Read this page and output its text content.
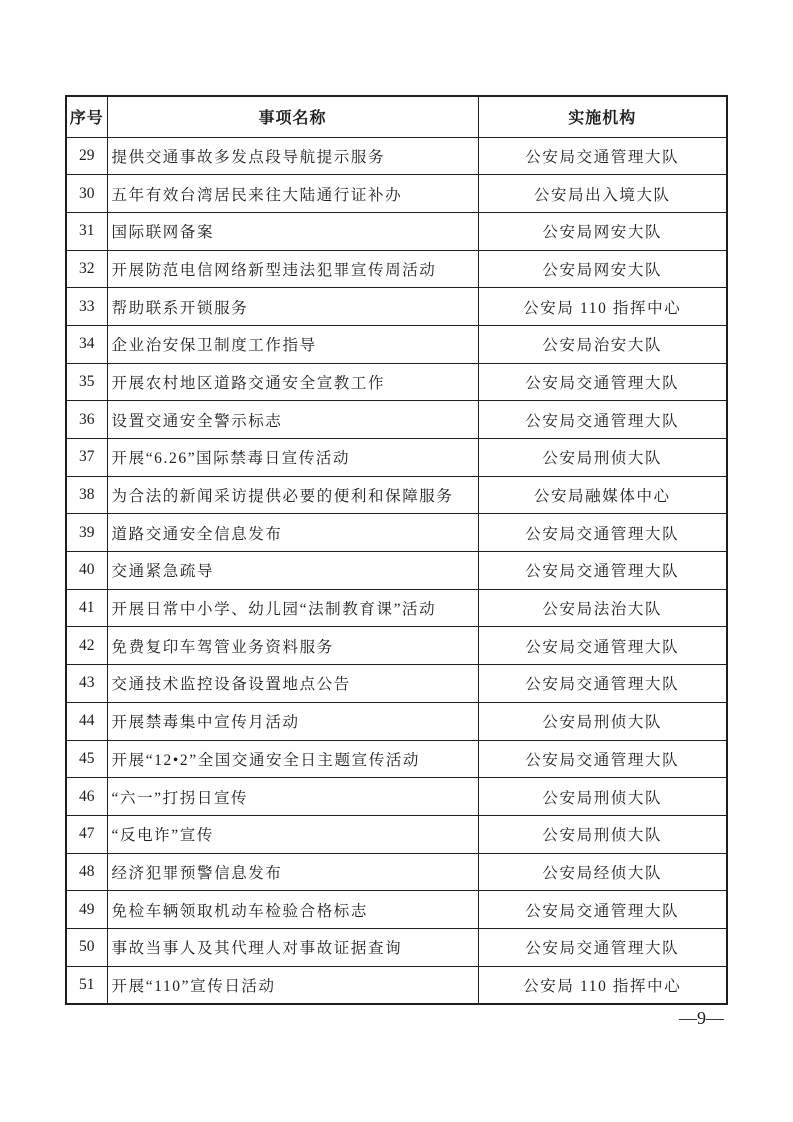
序号	事项名称	实施机构
29	提供交通事故多发点段导航提示服务	公安局交通管理大队
30	五年有效台湾居民来往大陆通行证补办	公安局出入境大队
31	国际联网备案	公安局网安大队
32	开展防范电信网络新型违法犯罪宣传周活动	公安局网安大队
33	帮助联系开锁服务	公安局 110 指挥中心
34	企业治安保卫制度工作指导	公安局治安大队
35	开展农村地区道路交通安全宣教工作	公安局交通管理大队
36	设置交通安全警示标志	公安局交通管理大队
37	开展“6.26”国际禁毒日宣传活动	公安局刑侦大队
38	为合法的新闻采访提供必要的便利和保障服务	公安局融媒体中心
39	道路交通安全信息发布	公安局交通管理大队
40	交通紧急疏导	公安局交通管理大队
41	开展日常中小学、幼儿园“法制教育课”活动	公安局法治大队
42	免费复印车驾管业务资料服务	公安局交通管理大队
43	交通技术监控设备设置地点公告	公安局交通管理大队
44	开展禁毒集中宣传月活动	公安局刑侦大队
45	开展“12•2”全国交通安全日主题宣传活动	公安局交通管理大队
46	“六一”打拐日宣传	公安局刑侦大队
47	“反电诈”宣传	公安局刑侦大队
48	经济犯罪预警信息发布	公安局经侦大队
49	免检车辆领取机动车检验合格标志	公安局交通管理大队
50	事故当事人及其代理人对事故证据查询	公安局交通管理大队
51	开展“110”宣传日活动	公安局 110 指挥中心
—9—
